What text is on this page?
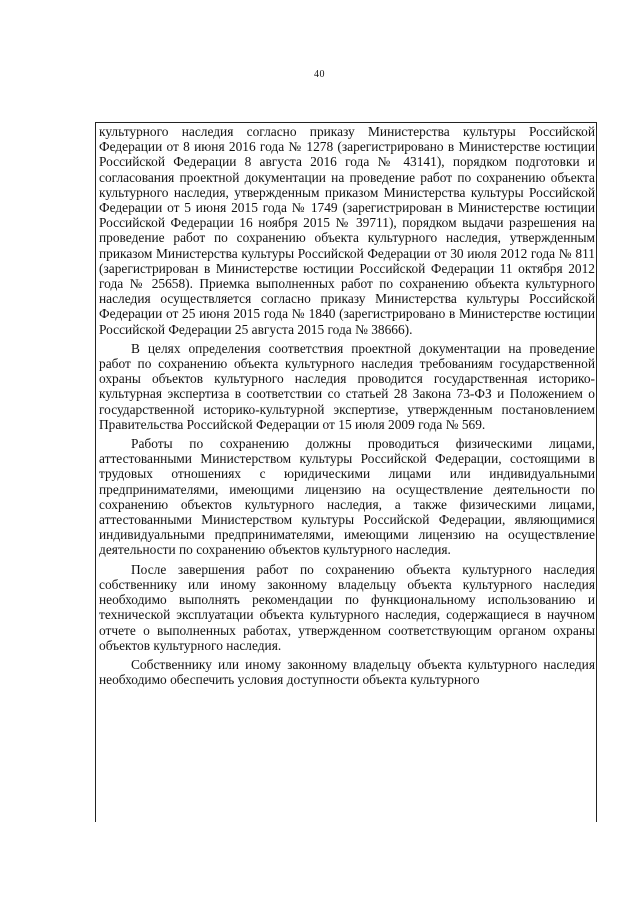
40

культурного наследия согласно приказу Министерства культуры Российской Федерации от 8 июня 2016 года № 1278 (зарегистрировано в Министерстве юстиции Российской Федерации 8 августа 2016 года № 43141), порядком подготовки и согласования проектной документации на проведение работ по сохранению объекта культурного наследия, утвержденным приказом Министерства культуры Российской Федерации от 5 июня 2015 года № 1749 (зарегистрирован в Министерстве юстиции Российской Федерации 16 ноября 2015 № 39711), порядком выдачи разрешения на проведение работ по сохранению объекта культурного наследия, утвержденным приказом Министерства культуры Российской Федерации от 30 июля 2012 года № 811 (зарегистрирован в Министерстве юстиции Российской Федерации 11 октября 2012 года № 25658). Приемка выполненных работ по сохранению объекта культурного наследия осуществляется согласно приказу Министерства культуры Российской Федерации от 25 июня 2015 года № 1840 (зарегистрировано в Министерстве юстиции Российской Федерации 25 августа 2015 года № 38666).

В целях определения соответствия проектной документации на проведение работ по сохранению объекта культурного наследия требованиям государственной охраны объектов культурного наследия проводится государственная историко-культурная экспертиза в соответствии со статьей 28 Закона 73-ФЗ и Положением о государственной историко-культурной экспертизе, утвержденным постановлением Правительства Российской Федерации от 15 июля 2009 года № 569.

Работы по сохранению должны проводиться физическими лицами, аттестованными Министерством культуры Российской Федерации, состоящими в трудовых отношениях с юридическими лицами или индивидуальными предпринимателями, имеющими лицензию на осуществление деятельности по сохранению объектов культурного наследия, а также физическими лицами, аттестованными Министерством культуры Российской Федерации, являющимися индивидуальными предпринимателями, имеющими лицензию на осуществление деятельности по сохранению объектов культурного наследия.

После завершения работ по сохранению объекта культурного наследия собственнику или иному законному владельцу объекта культурного наследия необходимо выполнять рекомендации по функциональному использованию и технической эксплуатации объекта культурного наследия, содержащиеся в научном отчете о выполненных работах, утвержденном соответствующим органом охраны объектов культурного наследия.

Собственнику или иному законному владельцу объекта культурного наследия необходимо обеспечить условия доступности объекта культурного
